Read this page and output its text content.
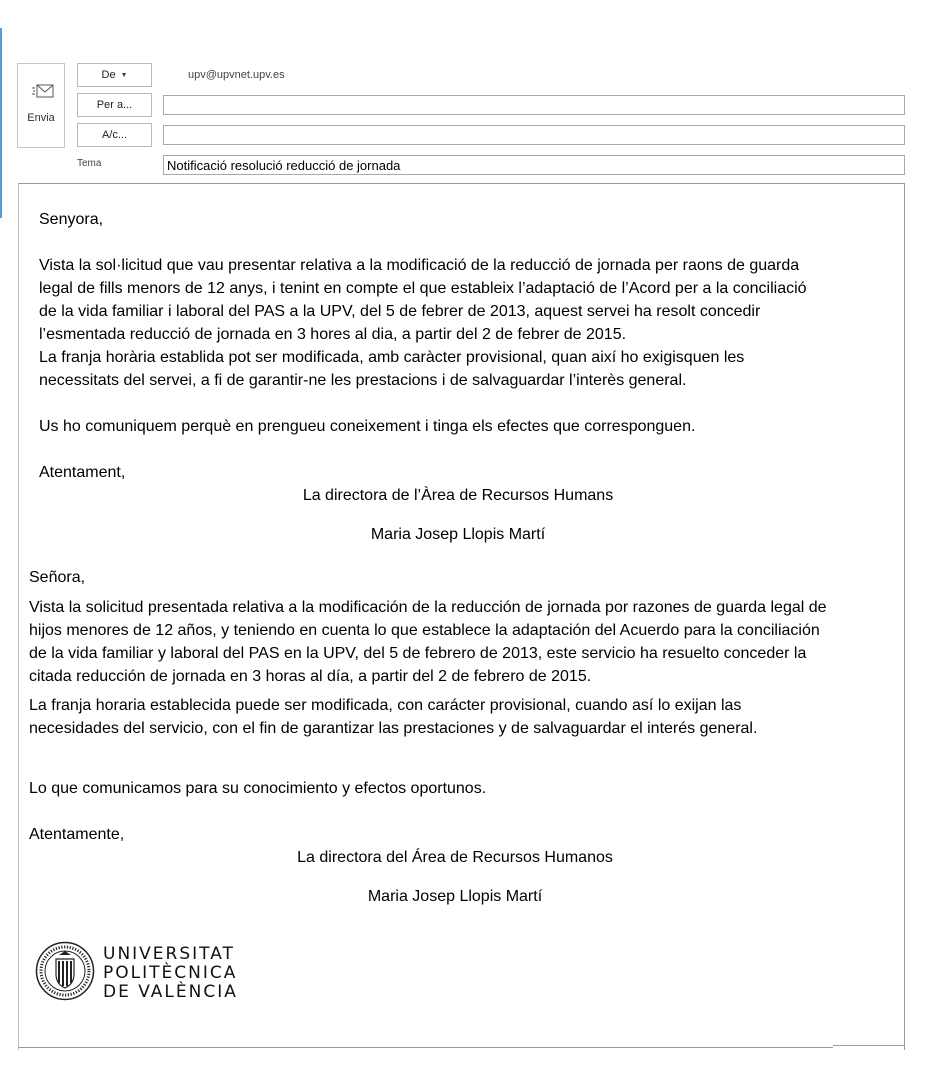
Envia
De ▼	upv@upvnet.upv.es
Per a...
A/c...
Tema	Notificació resolució reducció de jornada

Senyora,

Vista la sol·licitud que vau presentar relativa a la modificació de la reducció de jornada per raons de guarda

legal de fills menors de 12 anys, i tenint en compte el que estableix l’adaptació de l’Acord per a la conciliació

de la vida familiar i laboral del PAS a la UPV, del 5 de febrer de 2013, aquest servei ha resolt concedir

l’esmentada reducció de jornada en 3 hores al dia, a partir del 2 de febrer de 2015.

La franja horària establida pot ser modificada, amb caràcter provisional, quan així ho exigisquen les

necessitats del servei, a fi de garantir-ne les prestacions i de salvaguardar l’interès general.

Us ho comuniquem perquè en prengueu coneixement i tinga els efectes que corresponguen.

Atentament,

La directora de l’Àrea de Recursos Humans

Maria Josep Llopis Martí

Señora,

Vista la solicitud presentada relativa a la modificación de la reducción de jornada por razones de guarda legal de

hijos menores de 12 años, y teniendo en cuenta lo que establece la adaptación del Acuerdo para la conciliación

de la vida familiar y laboral del PAS en la UPV, del 5 de febrero de 2013, este servicio ha resuelto conceder la

citada reducción de jornada en 3 horas al día, a partir del 2 de febrero de 2015.

La franja horaria establecida puede ser modificada, con carácter provisional, cuando así lo exijan las

necesidades del servicio, con el fin de garantizar las prestaciones y de salvaguardar el interés general.

Lo que comunicamos para su conocimiento y efectos oportunos.

Atentamente,

La directora del Área de Recursos Humanos

Maria Josep Llopis Martí

UNIVERSITAT
POLITÈCNICA
DE VALÈNCIA
